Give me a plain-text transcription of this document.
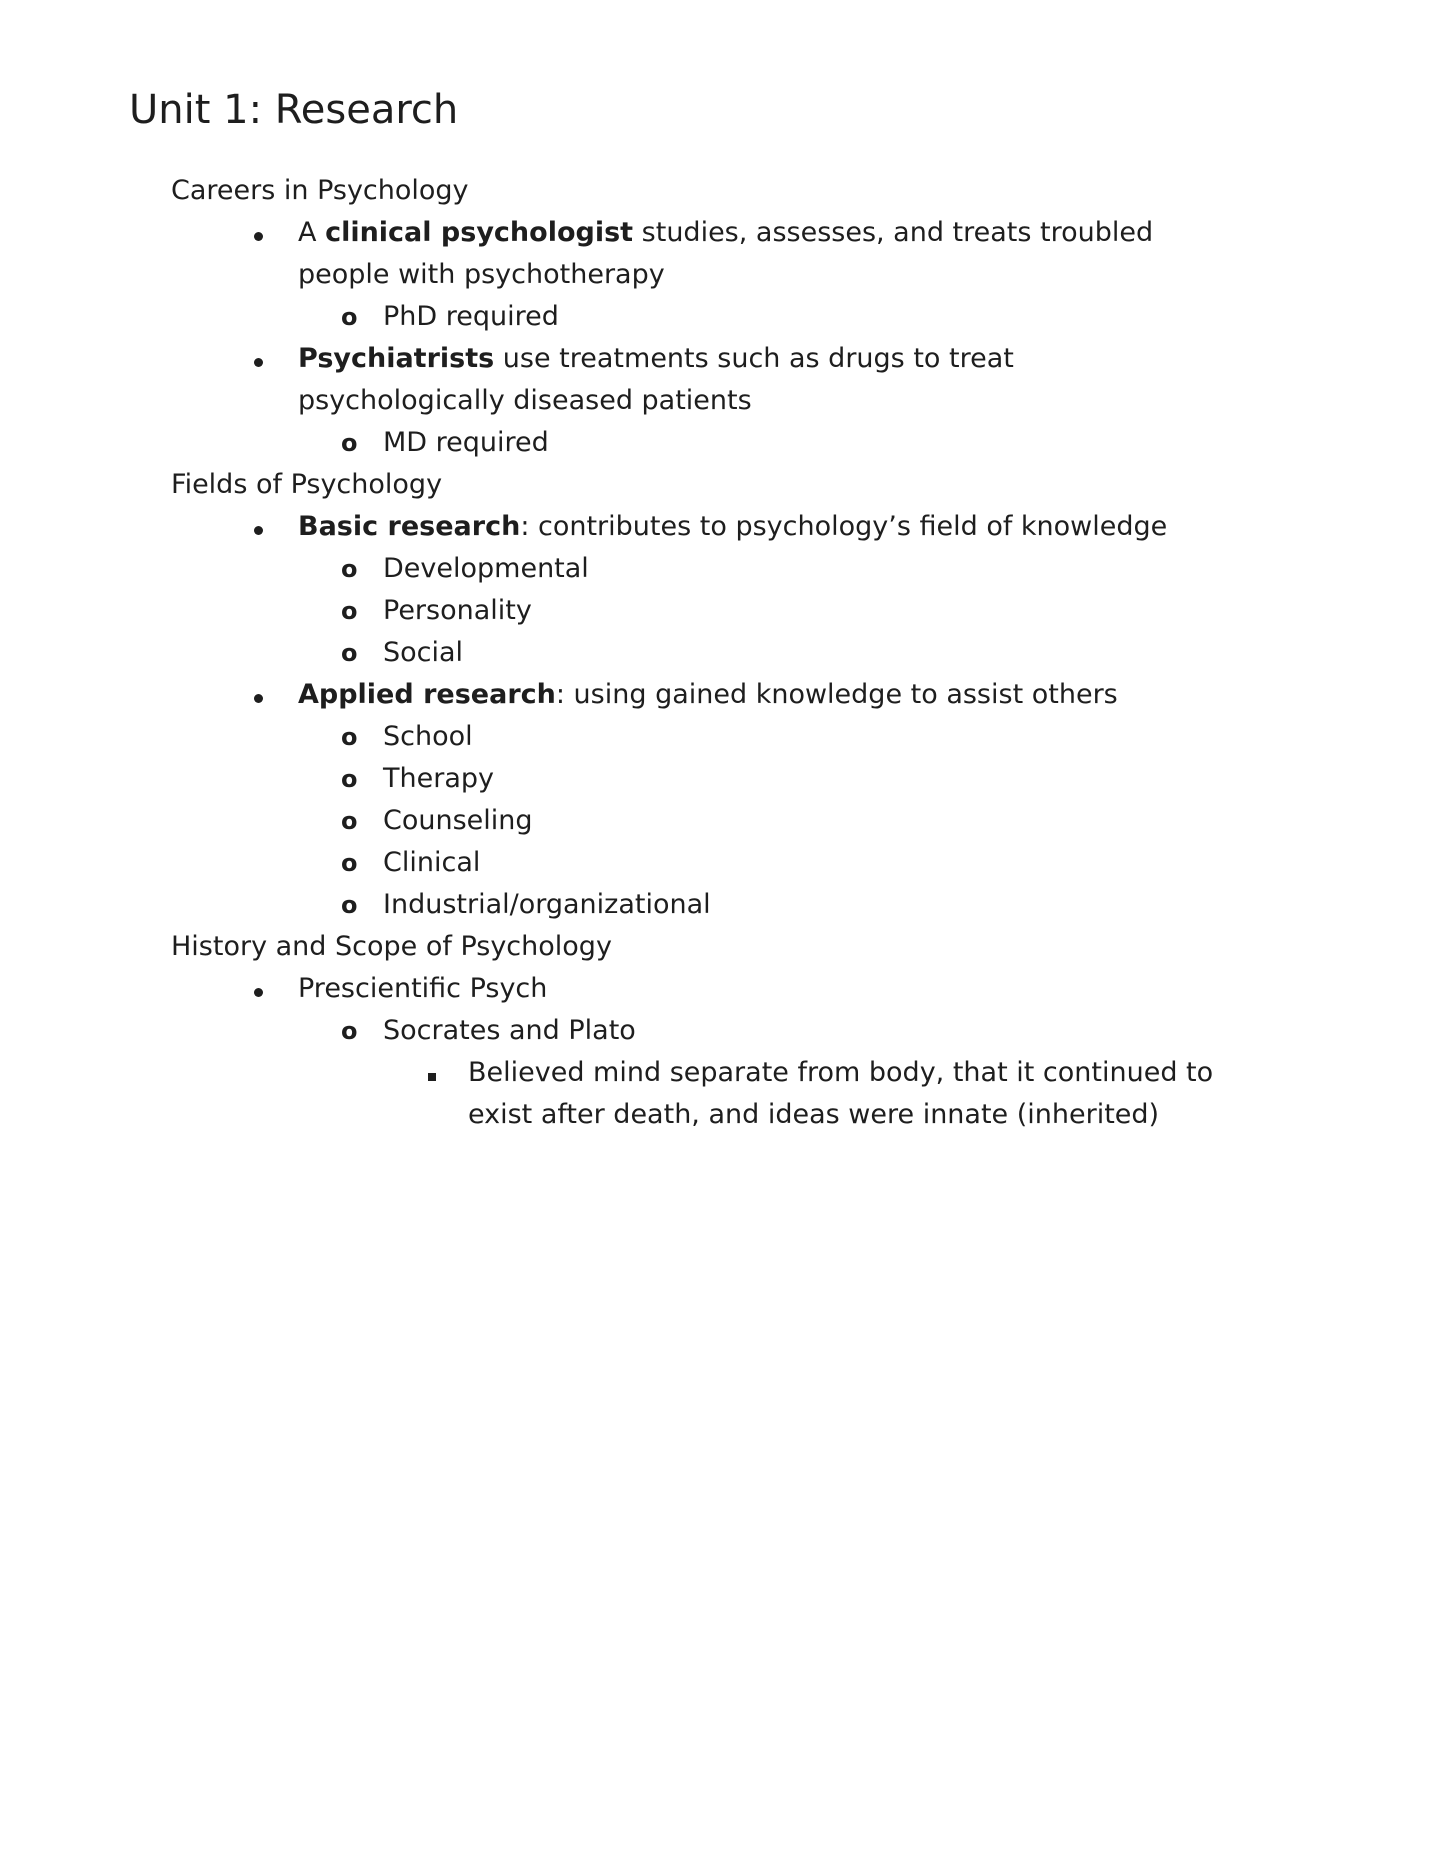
Unit 1: Research
Careers in Psychology
A clinical psychologist studies, assesses, and treats troubled
people with psychotherapy
o PhD required
Psychiatrists use treatments such as drugs to treat
psychologically diseased patients
o MD required
Fields of Psychology
Basic research: contributes to psychology’s field of knowledge
o Developmental
o Personality
o Social
Applied research: using gained knowledge to assist others
o School
o Therapy
o Counseling
o Clinical
o Industrial/organizational
History and Scope of Psychology
Prescientific Psych
o Socrates and Plato
Believed mind separate from body, that it continued to
exist after death, and ideas were innate (inherited)
